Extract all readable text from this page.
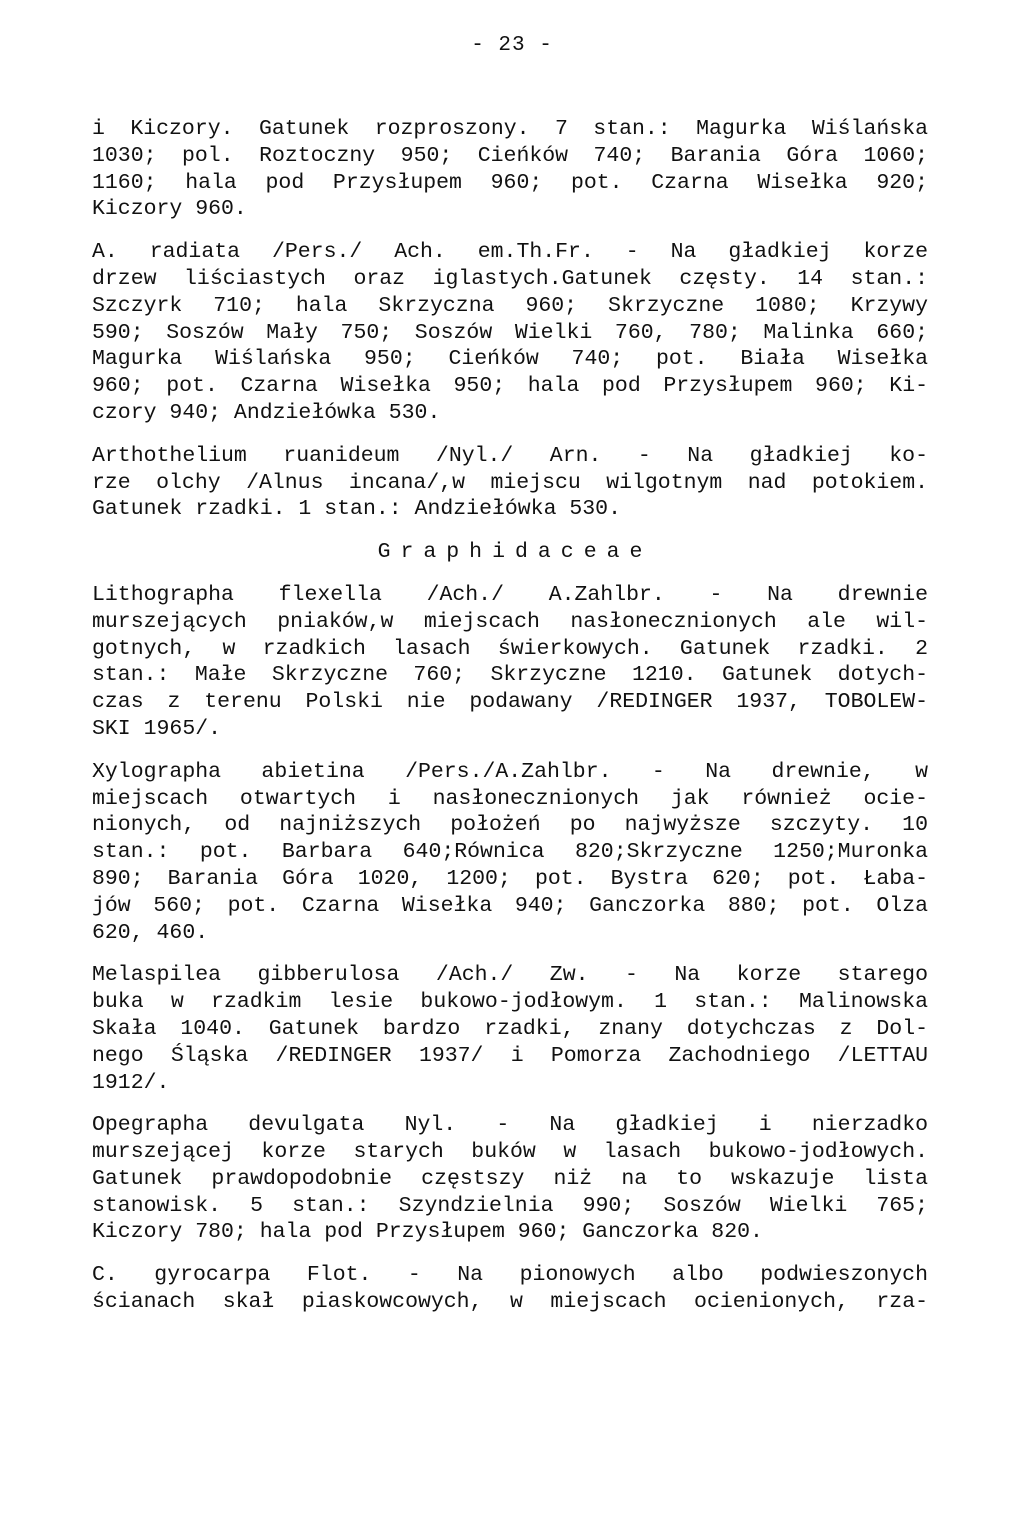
- 23 -
i Kiczory. Gatunek rozproszony. 7 stan.: Magurka Wiślańska
1030; pol. Roztoczny 950; Cieńków 740; Barania Góra 1060;
1160; hala pod Przysłupem 960; pot. Czarna Wisełka 920;
Kiczory 960.
A. radiata /Pers./ Ach. em.Th.Fr. - Na gładkiej korze
drzew liściastych oraz iglastych.Gatunek częsty. 14 stan.:
Szczyrk 710; hala Skrzyczna 960; Skrzyczne 1080; Krzywy
590; Soszów Mały 750; Soszów Wielki 760, 780; Malinka 660;
Magurka Wiślańska 950; Cieńków 740; pot. Biała Wisełka
960; pot. Czarna Wisełka 950; hala pod Przysłupem 960; Ki-
czory 940; Andziełówka 530.
Arthothelium ruanideum /Nyl./ Arn. - Na gładkiej ko-
rze olchy /Alnus incana/,w miejscu wilgotnym nad potokiem.
Gatunek rzadki. 1 stan.: Andziełówka 530.
Graphidaceae
Lithographa flexella /Ach./ A.Zahlbr. - Na drewnie
murszejących pniaków,w miejscach nasłonecznionych ale wil-
gotnych, w rzadkich lasach świerkowych. Gatunek rzadki. 2
stan.: Małe Skrzyczne 760; Skrzyczne 1210. Gatunek dotych-
czas z terenu Polski nie podawany /REDINGER 1937, TOBOLEW-
SKI 1965/.
Xylographa abietina /Pers./A.Zahlbr. - Na drewnie, w
miejscach otwartych i nasłonecznionych jak również ocie-
nionych, od najniższych położeń po najwyższe szczyty. 10
stan.: pot. Barbara 640;Równica 820;Skrzyczne 1250;Muronka
890; Barania Góra 1020, 1200; pot. Bystra 620; pot. Łaba-
jów 560; pot. Czarna Wisełka 940; Ganczorka 880; pot. Olza
620, 460.
Melaspilea gibberulosa /Ach./ Zw. - Na korze starego
buka w rzadkim lesie bukowo-jodłowym. 1 stan.: Malinowska
Skała 1040. Gatunek bardzo rzadki, znany dotychczas z Dol-
nego Śląska /REDINGER 1937/ i Pomorza Zachodniego /LETTAU
1912/.
Opegrapha devulgata Nyl. - Na gładkiej i nierzadko
murszejącej korze starych buków w lasach bukowo-jodłowych.
Gatunek prawdopodobnie częstszy niż na to wskazuje lista
stanowisk. 5 stan.: Szyndzielnia 990; Soszów Wielki 765;
Kiczory 780; hala pod Przysłupem 960; Ganczorka 820.
C. gyrocarpa Flot. - Na pionowych albo podwieszonych
ścianach skał piaskowcowych, w miejscach ocienionych, rza-
